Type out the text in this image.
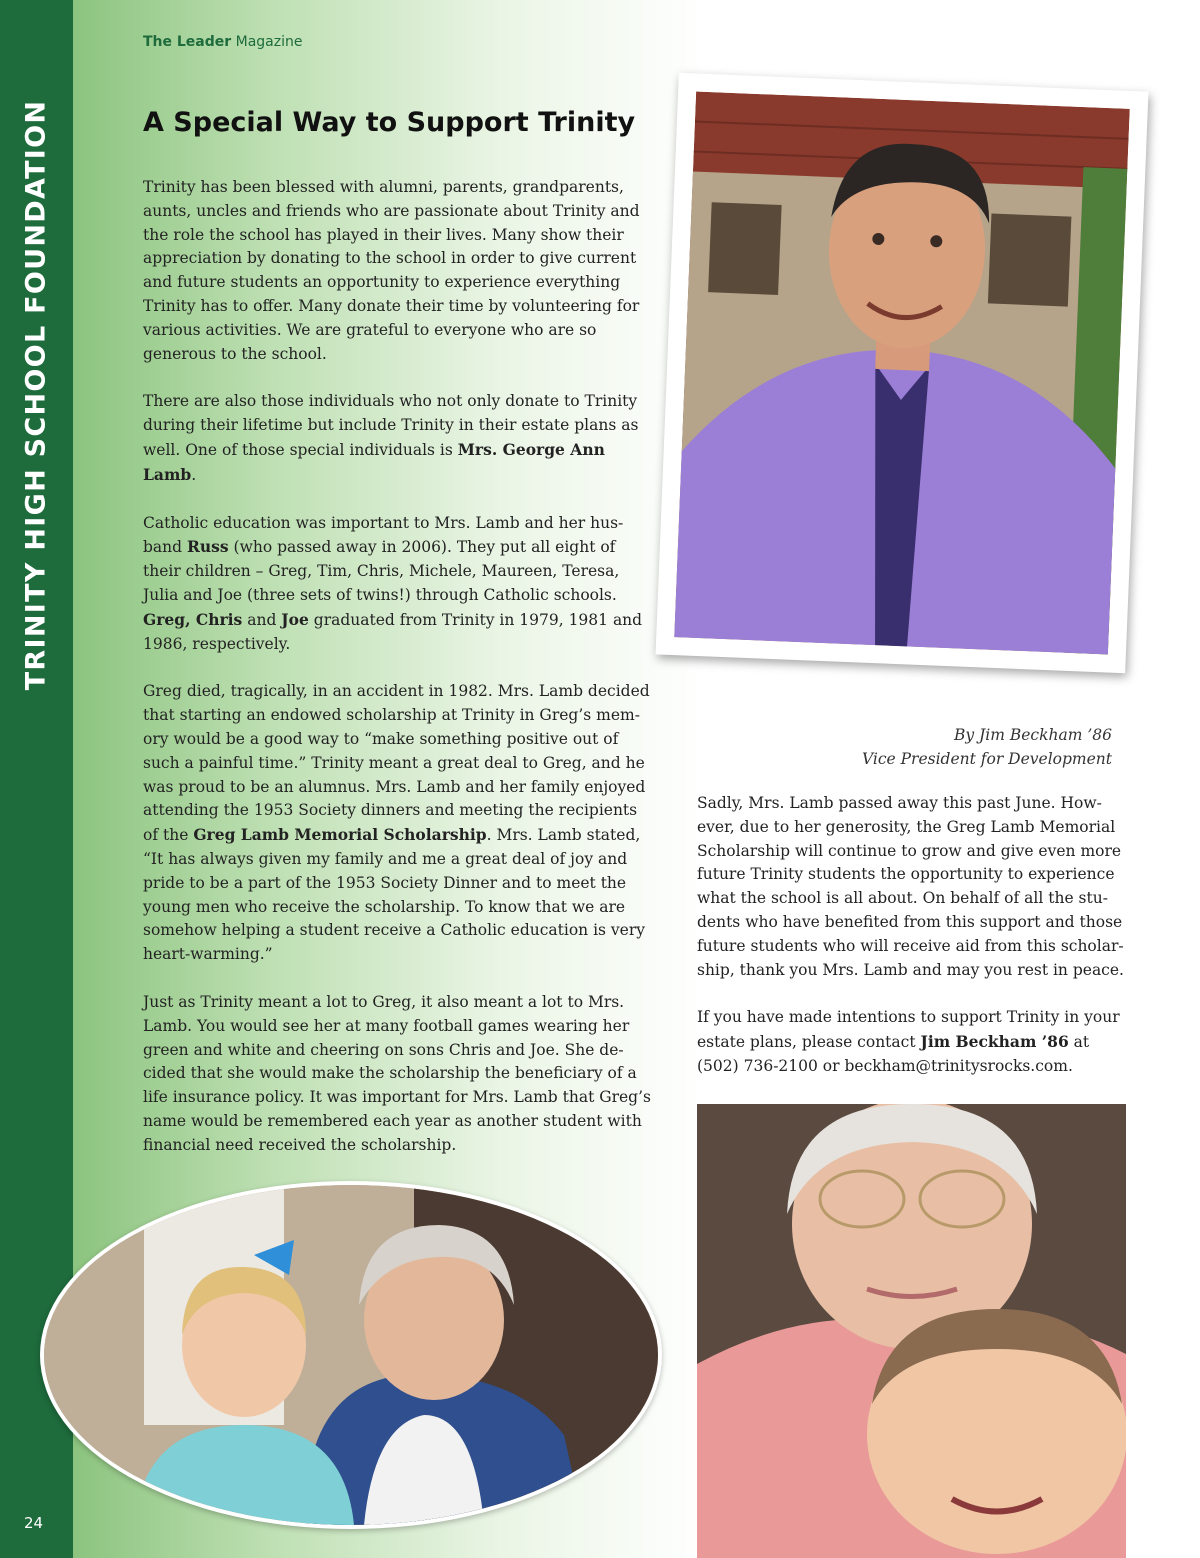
TRINITY HIGH SCHOOL FOUNDATION
24
The Leader Magazine
A Special Way to Support Trinity

Trinity has been blessed with alumni, parents, grandparents, aunts, uncles and friends who are passionate about Trinity and the role the school has played in their lives. Many show their appreciation by donating to the school in order to give current and future students an opportunity to experience everything Trinity has to offer. Many donate their time by volunteering for various activities. We are grateful to everyone who are so generous to the school.

There are also those individuals who not only donate to Trinity during their lifetime but include Trinity in their estate plans as well. One of those special individuals is Mrs. George Ann Lamb.

Catholic education was important to Mrs. Lamb and her hus-band Russ (who passed away in 2006). They put all eight of their children – Greg, Tim, Chris, Michele, Maureen, Teresa, Julia and Joe (three sets of twins!) through Catholic schools. Greg, Chris and Joe graduated from Trinity in 1979, 1981 and 1986, respectively.

Greg died, tragically, in an accident in 1982. Mrs. Lamb decided that starting an endowed scholarship at Trinity in Greg’s mem-ory would be a good way to “make something positive out of such a painful time.” Trinity meant a great deal to Greg, and he was proud to be an alumnus. Mrs. Lamb and her family enjoyed attending the 1953 Society dinners and meeting the recipients of the Greg Lamb Memorial Scholarship. Mrs. Lamb stated, “It has always given my family and me a great deal of joy and pride to be a part of the 1953 Society Dinner and to meet the young men who receive the scholarship. To know that we are somehow helping a student receive a Catholic education is very heart-warming.”

Just as Trinity meant a lot to Greg, it also meant a lot to Mrs. Lamb. You would see her at many football games wearing her green and white and cheering on sons Chris and Joe. She de-cided that she would make the scholarship the beneficiary of a life insurance policy. It was important for Mrs. Lamb that Greg’s name would be remembered each year as another student with financial need received the scholarship.

By Jim Beckham ’86
Vice President for Development

Sadly, Mrs. Lamb passed away this past June. How-ever, due to her generosity, the Greg Lamb Memorial Scholarship will continue to grow and give even more future Trinity students the opportunity to experience what the school is all about. On behalf of all the stu-dents who have benefited from this support and those future students who will receive aid from this scholar-ship, thank you Mrs. Lamb and may you rest in peace.

If you have made intentions to support Trinity in your estate plans, please contact Jim Beckham ’86 at (502) 736-2100 or beckham@trinitysrocks.com.
